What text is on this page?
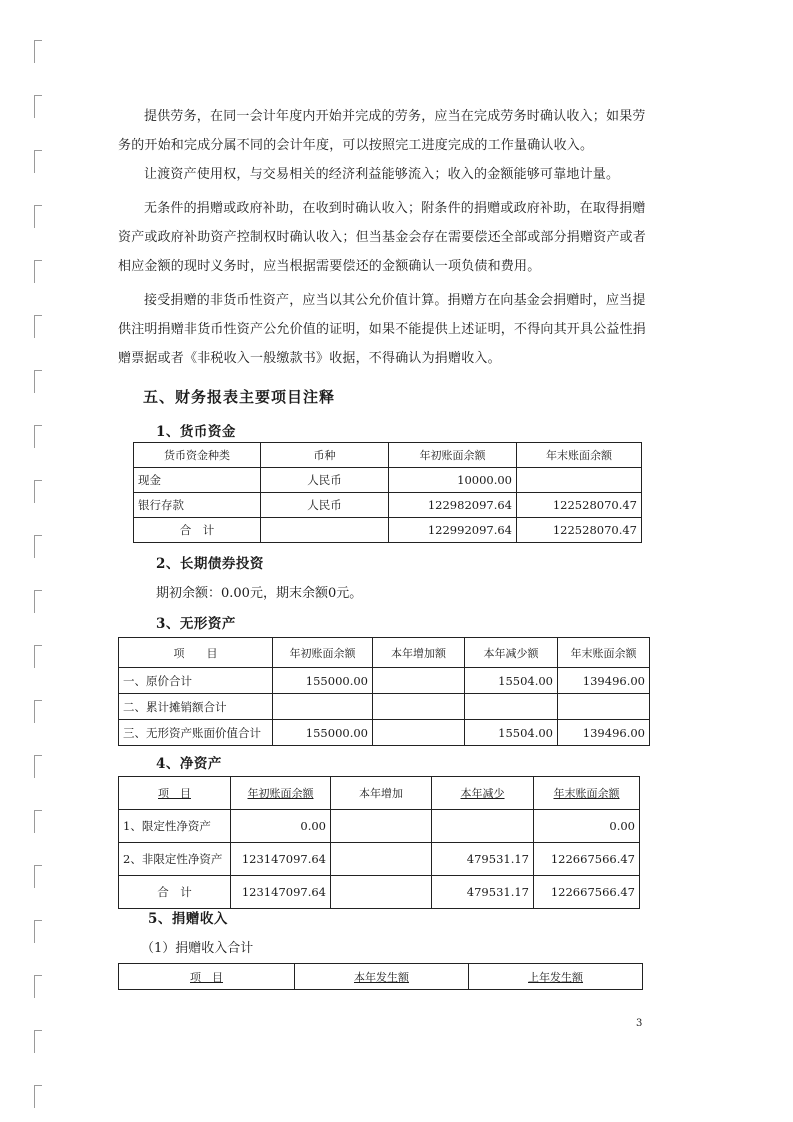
提供劳务，在同一会计年度内开始并完成的劳务，应当在完成劳务时确认收入；如果劳务的开始和完成分属不同的会计年度，可以按照完工进度完成的工作量确认收入。

让渡资产使用权，与交易相关的经济利益能够流入；收入的金额能够可靠地计量。

无条件的捐赠或政府补助，在收到时确认收入；附条件的捐赠或政府补助，在取得捐赠资产或政府补助资产控制权时确认收入；但当基金会存在需要偿还全部或部分捐赠资产或者相应金额的现时义务时，应当根据需要偿还的金额确认一项负债和费用。

接受捐赠的非货币性资产，应当以其公允价值计算。捐赠方在向基金会捐赠时，应当提供注明捐赠非货币性资产公允价值的证明，如果不能提供上述证明，不得向其开具公益性捐赠票据或者《非税收入一般缴款书》收据，不得确认为捐赠收入。

五、财务报表主要项目注释

1、货币资金

货币资金种类	币种	年初账面余额	年末账面余额
现金	人民币	10000.00	
银行存款	人民币	122982097.64	122528070.47
合　计		122992097.64	122528070.47

2、长期债券投资

期初余额：0.00元，期末余额0元。

3、无形资产

项　　目	年初账面余额	本年增加额	本年减少额	年末账面余额
一、原价合计	155000.00		15504.00	139496.00
二、累计摊销额合计				
三、无形资产账面价值合计	155000.00		15504.00	139496.00

4、净资产

项　目	年初账面余额	本年增加	本年减少	年末账面余额
1、限定性净资产	0.00			0.00
2、非限定性净资产	123147097.64		479531.17	122667566.47
合　计	123147097.64		479531.17	122667566.47

5、捐赠收入

（1）捐赠收入合计

项　目	本年发生额	上年发生额
3
